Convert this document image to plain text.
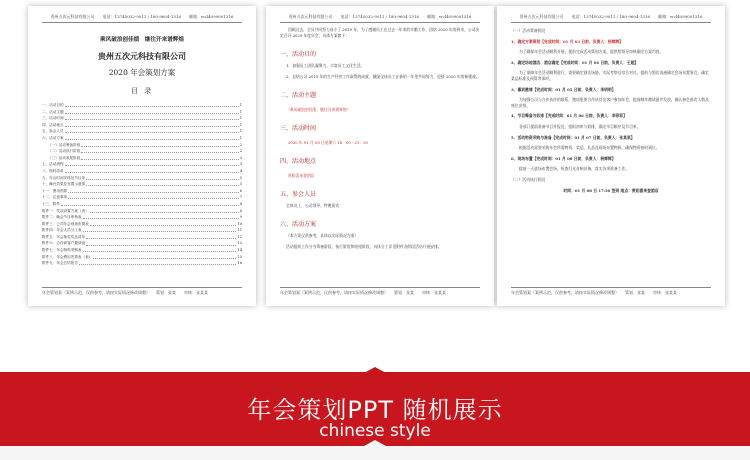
贵州五次元科技有限公司　　电话：13745032-9011 / 180-9604-1316　　邮箱：wcl4099001316
乘风破浪创佳绩　继往开来谱辉煌
贵州五次元科技有限公司
2020 年会策划方案
目 录
一、活动目的	1
二、活动主题	1
三、活动时间	1
四、活动地点	1
五、参会人员	1
六、活动方案	1
（一）活动筹备阶段	2
（二）活动执行阶段	2
（三）活动收尾阶段	3
七、活动流程	3
八、物料清单	4
九、年会时间安排及节目单	5
十、舞台效果及布置示意图	5
十一、费用预算	6
十二、注意事项	7
十三、附件	8
附件一：奖项设置方案（表）	8
附件二：晚会节目审核表	9
附件三：公司年会现场布置表	10
附件四：年会人员分工表	11
附件五：年会抽奖奖品清单	12
附件六：合作商客户邀请函	13
附件七：年会物料采购表	14
附件八：年会费用决算表（表）	15
附件九：年会总结报告	16
年会策划案（案例示范，仅供参考，请按实际情况修改调整）　　策划：张某　　审核：张某某
贵州五次元科技有限公司　　电话：13745032-9011 / 180-9604-1316　　邮箱：wcl4099001316
回顾过去，全员共同努力奋斗了 2019 年，为了感谢员工在过去一年来的辛勤工作，团结 2020 年的到来，公司决定召开 2020 年度年会，具体方案如下：
一、活动目的
1、加强员工团队凝聚力，丰富员工文化生活。
2、总结公司 2019 年的生产经营工作取得的成就，激励全体员工在新的一年里共同努力，迎接 2020 年的新挑战。
二、活动主题
"乘风破浪创佳绩，继往开来谱辉煌"
三、活动时间
2020 年 01 月 08 日星期六 18：00 - 21：30
四、活动地点
贵阳喜来登酒店
五、参会人员
全体员工、公司领导、特邀嘉宾
六、活动方案
（本方案仅供参考，具体以实际情况为准）
活动组织工作分为筹备阶段、执行阶段和收尾阶段，具体分工详见附件各阶段活动开展安排。
年会策划案（案例示范，仅供参考，请按实际情况修改调整）　　策划：张某　　审核：张某某
贵州五次元科技有限公司　　电话：13745032-9011 / 180-9604-1316　　邮箱：wcl4099001316
（一）活动筹备阶段
1、确定方案策划【完成时间：01 月 03 日前，负责人：杨辉辉】
为了确保年会活动顺利开展，提前完成活动策划方案，提供给领导审核确定方案内容。
2、确定场地酒店、酒店确定【完成时间：01 月 04 日前，负责人：王超】
为了保障年会活动顺利进行，需要确定酒店场地，实际考察后综合对比，提前与酒店沟通确定会场布置事宜，确定菜品标准及预算等事项。
3、嘉宾邀请【完成时间：01 月 05 日前，负责人：李明明】
为加强公司与合作伙伴的联系，邀请重要合作伙伴及客户参加年会，提前制作邀请函并发放，确认参会嘉宾人数及座位安排。
4、节目筹备与彩排【完成时间：01 月 06 日前，负责人：李菲菲】
各部门提前准备节目并报送，组织初审与彩排，确定节目顺序及节目单。
5、活动物资采购与准备【完成时间：01 月 07 日前，负责人：张某某】
根据活动需要采购年会所需物资、奖品、礼品及现场布置物料，确保物资按时到位。
6、现场布置【完成时间：01 月 08 日前，负责人：杨辉辉】
提前一天进场布置会场，检查灯光音响设备，落实各项准备工作。
（二）活动执行阶段
时间：01 月 08 日 17:30 签到 地点：贵阳喜来登酒店
年会策划案（案例示范，仅供参考，请按实际情况修改调整）　　策划：张某　　审核：张某某
年会策划PPT 随机展示
chinese style
